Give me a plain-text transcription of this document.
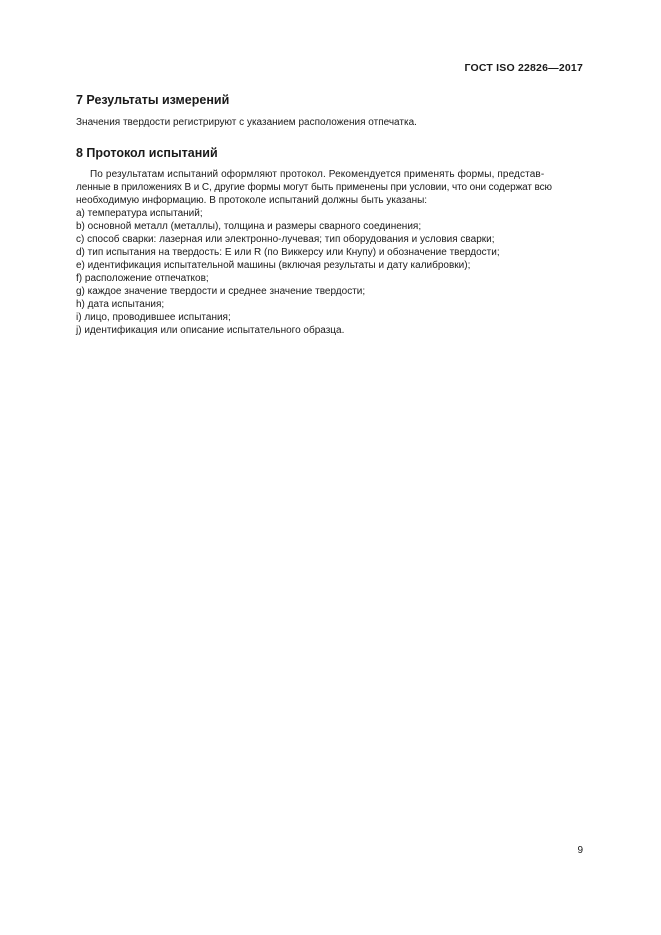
ГОСТ ISO 22826—2017
7 Результаты измерений

Значения твердости регистрируют с указанием расположения отпечатка.

8 Протокол испытаний
По результатам испытаний оформляют протокол. Рекомендуется применять формы, представ-
ленные в приложениях B и C, другие формы могут быть применены при условии, что они содержат всю
необходимую информацию. В протоколе испытаний должны быть указаны:
а) температура испытаний;
b) основной металл (металлы), толщина и размеры сварного соединения;
c) способ сварки: лазерная или электронно-лучевая; тип оборудования и условия сварки;
d) тип испытания на твердость: E или R (по Виккерсу или Кнупу) и обозначение твердости;
e) идентификация испытательной машины (включая результаты и дату калибровки);
f) расположение отпечатков;
g) каждое значение твердости и среднее значение твердости;
h) дата испытания;
i) лицо, проводившее испытания;
j) идентификация или описание испытательного образца.
9
